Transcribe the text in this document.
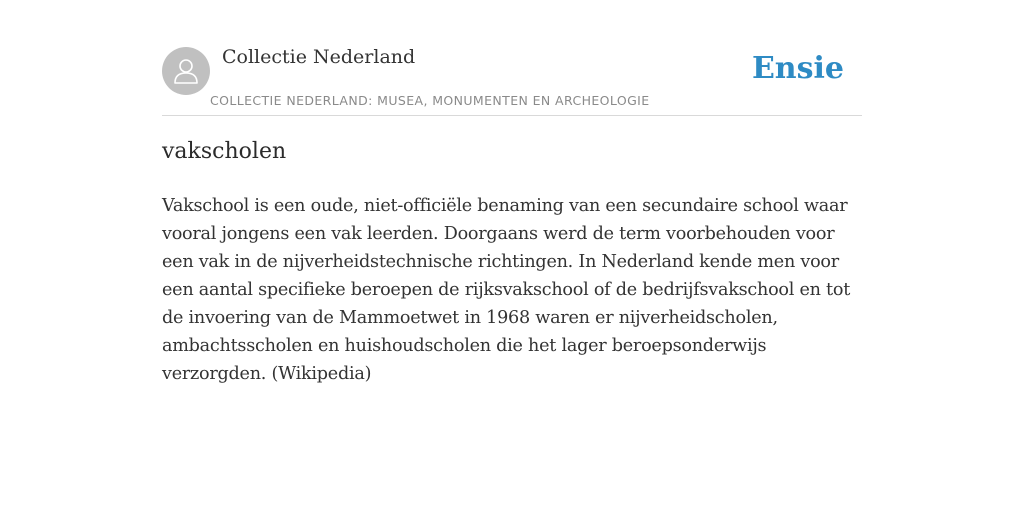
Collectie Nederland
COLLECTIE NEDERLAND: MUSEA, MONUMENTEN EN ARCHEOLOGIE
Ensie
vakscholen

Vakschool is een oude, niet-officiële benaming van een secundaire school waar vooral jongens een vak leerden. Doorgaans werd de term voorbehouden voor een vak in de nijverheidstechnische richtingen. In Nederland kende men voor een aantal specifieke beroepen de rijksvakschool of de bedrijfsvakschool en tot de invoering van de Mammoetwet in 1968 waren er nijverheidscholen, ambachtsscholen en huishoudscholen die het lager beroepsonderwijs verzorgden. (Wikipedia)
